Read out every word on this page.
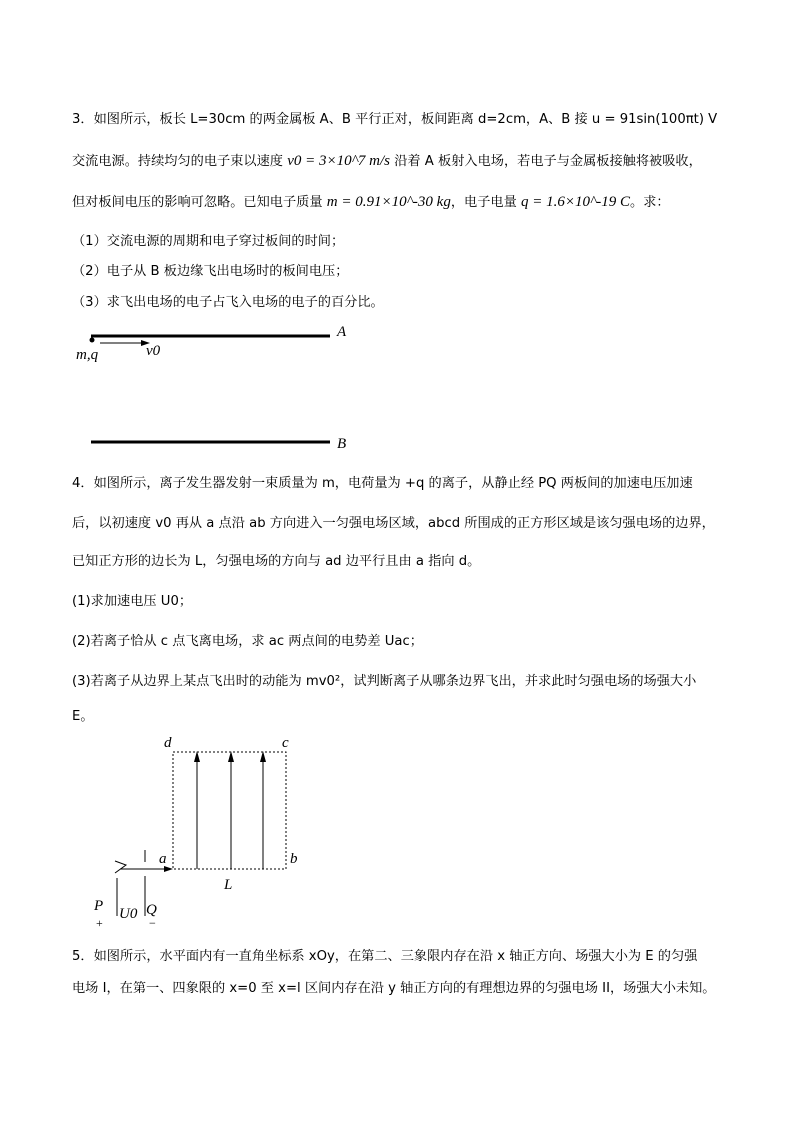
3．如图所示，板长 L=30cm 的两金属板 A、B 平行正对，板间距离 d=2cm，A、B 接 u = 91sin(100πt) V
交流电源。持续均匀的电子束以速度 v0 = 3×10^7 m/s 沿着 A 板射入电场，若电子与金属板接触将被吸收，
但对板间电压的影响可忽略。已知电子质量 m = 0.91×10^-30 kg，电子电量 q = 1.6×10^-19 C。求：
（1）交流电源的周期和电子穿过板间的时间；
（2）电子从 B 板边缘飞出电场时的板间电压；
（3）求飞出电场的电子占飞入电场的电子的百分比。
A
B
m,q	v0
4．如图所示，离子发生器发射一束质量为 m，电荷量为 +q 的离子，从静止经 PQ 两板间的加速电压加速
后，以初速度 v0 再从 a 点沿 ab 方向进入一匀强电场区域，abcd 所围成的正方形区域是该匀强电场的边界，
已知正方形的边长为 L，匀强电场的方向与 ad 边平行且由 a 指向 d。
(1)求加速电压 U0；
(2)若离子恰从 c 点飞离电场，求 ac 两点间的电势差 Uac；
(3)若离子从边界上某点飞出时的动能为 mv0²，试判断离子从哪条边界飞出，并求此时匀强电场的场强大小
E。
d	c
a	b
L
P	Q
U0
+	−
5．如图所示，水平面内有一直角坐标系 xOy，在第二、三象限内存在沿 x 轴正方向、场强大小为 E 的匀强
电场 I，在第一、四象限的 x=0 至 x=l 区间内存在沿 y 轴正方向的有理想边界的匀强电场 II，场强大小未知。
